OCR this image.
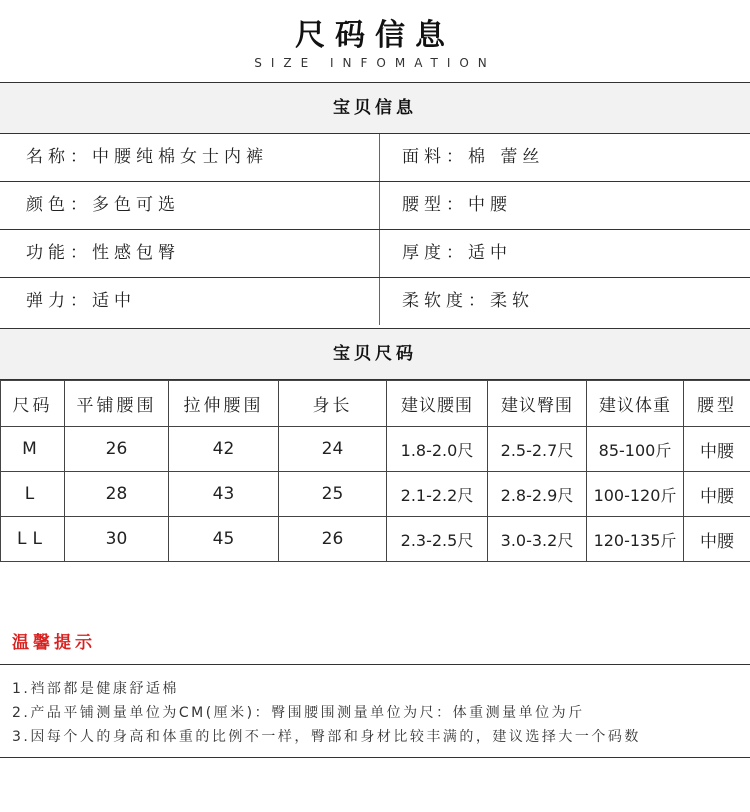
尺码信息
SIZE INFOMATION
宝贝信息
名称：中腰纯棉女士内裤	面料：棉 蕾丝
颜色：多色可选	腰型：中腰
功能：性感包臀	厚度：适中
弹力：适中	柔软度：柔软
宝贝尺码
尺码	平铺腰围	拉伸腰围	身长	建议腰围	建议臀围	建议体重	腰型
M	26	42	24	1.8-2.0尺	2.5-2.7尺	85-100斤	中腰
L	28	43	25	2.1-2.2尺	2.8-2.9尺	100-120斤	中腰
LL	30	45	26	2.3-2.5尺	3.0-3.2尺	120-135斤	中腰
温馨提示
1.裆部都是健康舒适棉
2.产品平铺测量单位为CM(厘米)：臀围腰围测量单位为尺：体重测量单位为斤
3.因每个人的身高和体重的比例不一样，臀部和身材比较丰满的，建议选择大一个码数
